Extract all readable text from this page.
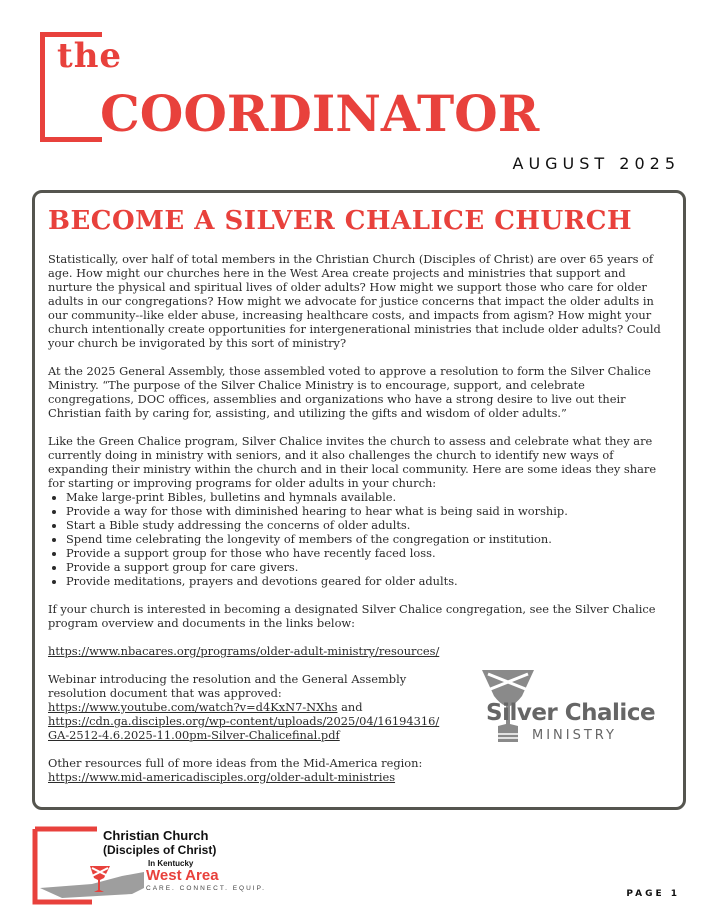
the
COORDINATOR
AUGUST 2025
BECOME A SILVER CHALICE CHURCH

Statistically, over half of total members in the Christian Church (Disciples of Christ) are over 65 years of age. How might our churches here in the West Area create projects and ministries that support and nurture the physical and spiritual lives of older adults? How might we support those who care for older adults in our congregations? How might we advocate for justice concerns that impact the older adults in our community--like elder abuse, increasing healthcare costs, and impacts from agism? How might your church intentionally create opportunities for intergenerational ministries that include older adults? Could your church be invigorated by this sort of ministry?

At the 2025 General Assembly, those assembled voted to approve a resolution to form the Silver Chalice Ministry. “The purpose of the Silver Chalice Ministry is to encourage, support, and celebrate congregations, DOC offices, assemblies and organizations who have a strong desire to live out their Christian faith by caring for, assisting, and utilizing the gifts and wisdom of older adults.”

Like the Green Chalice program, Silver Chalice invites the church to assess and celebrate what they are currently doing in ministry with seniors, and it also challenges the church to identify new ways of expanding their ministry within the church and in their local community. Here are some ideas they share for starting or improving programs for older adults in your church:

• Make large-print Bibles, bulletins and hymnals available.
• Provide a way for those with diminished hearing to hear what is being said in worship.
• Start a Bible study addressing the concerns of older adults.
• Spend time celebrating the longevity of members of the congregation or institution.
• Provide a support group for those who have recently faced loss.
• Provide a support group for care givers.
• Provide meditations, prayers and devotions geared for older adults.

If your church is interested in becoming a designated Silver Chalice congregation, see the Silver Chalice program overview and documents in the links below:

https://www.nbacares.org/programs/older-adult-ministry/resources/

Webinar introducing the resolution and the General Assembly resolution document that was approved:
https://www.youtube.com/watch?v=d4KxN7-NXhs and
https://cdn.ga.disciples.org/wp-content/uploads/2025/04/16194316/GA-2512-4.6.2025-11.00pm-Silver-Chalicefinal.pdf

Other resources full of more ideas from the Mid-America region:
https://www.mid-americadisciples.org/older-adult-ministries

Silver Chalice
MINISTRY
Christian Church
(Disciples of Christ)
In Kentucky
West Area
CARE. CONNECT. EQUIP.
PAGE 1
